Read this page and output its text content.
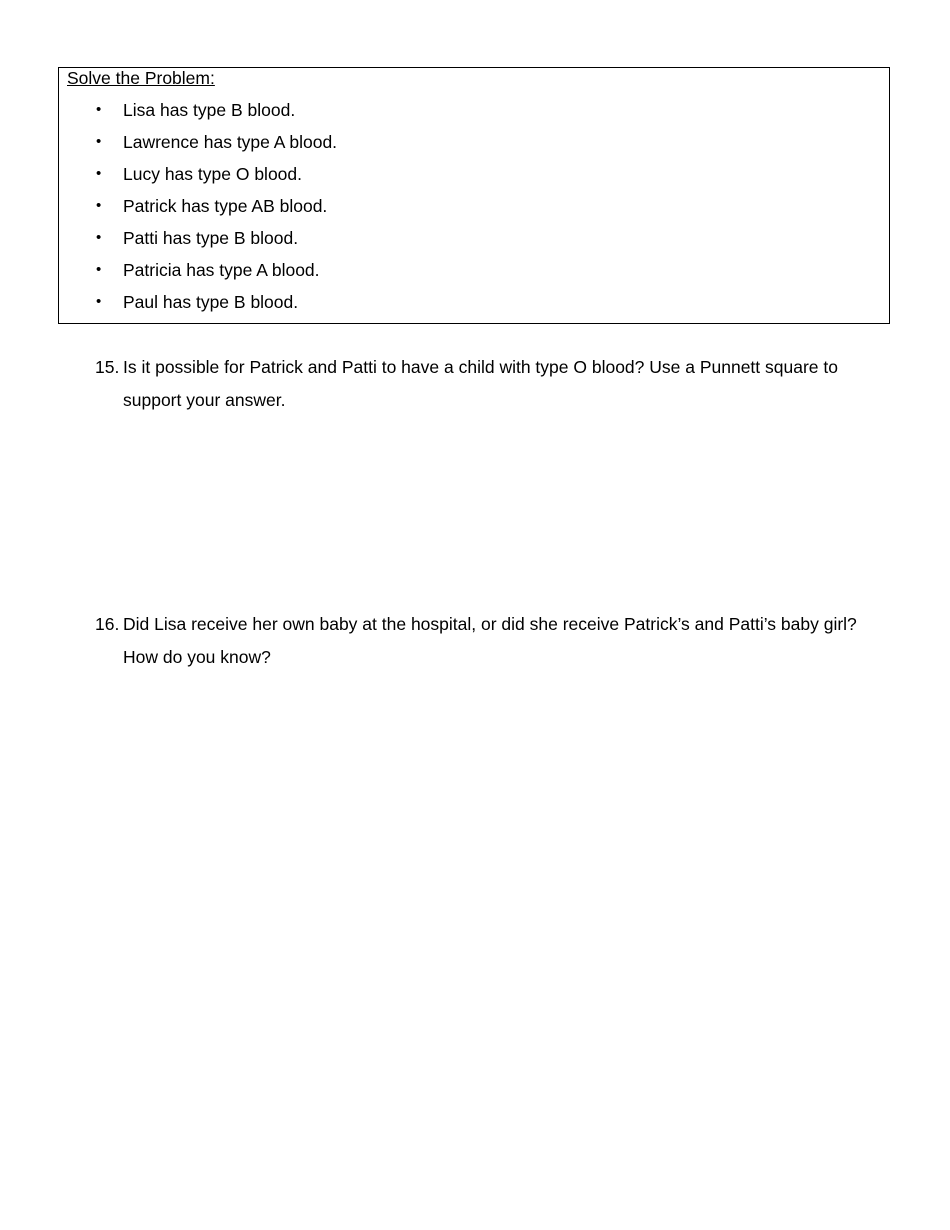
Solve the Problem:
• Lisa has type B blood.
• Lawrence has type A blood.
• Lucy has type O blood.
• Patrick has type AB blood.
• Patti has type B blood.
• Patricia has type A blood.
• Paul has type B blood.
15. Is it possible for Patrick and Patti to have a child with type O blood? Use a Punnett square to support your answer.
16. Did Lisa receive her own baby at the hospital, or did she receive Patrick’s and Patti’s baby girl? How do you know?
